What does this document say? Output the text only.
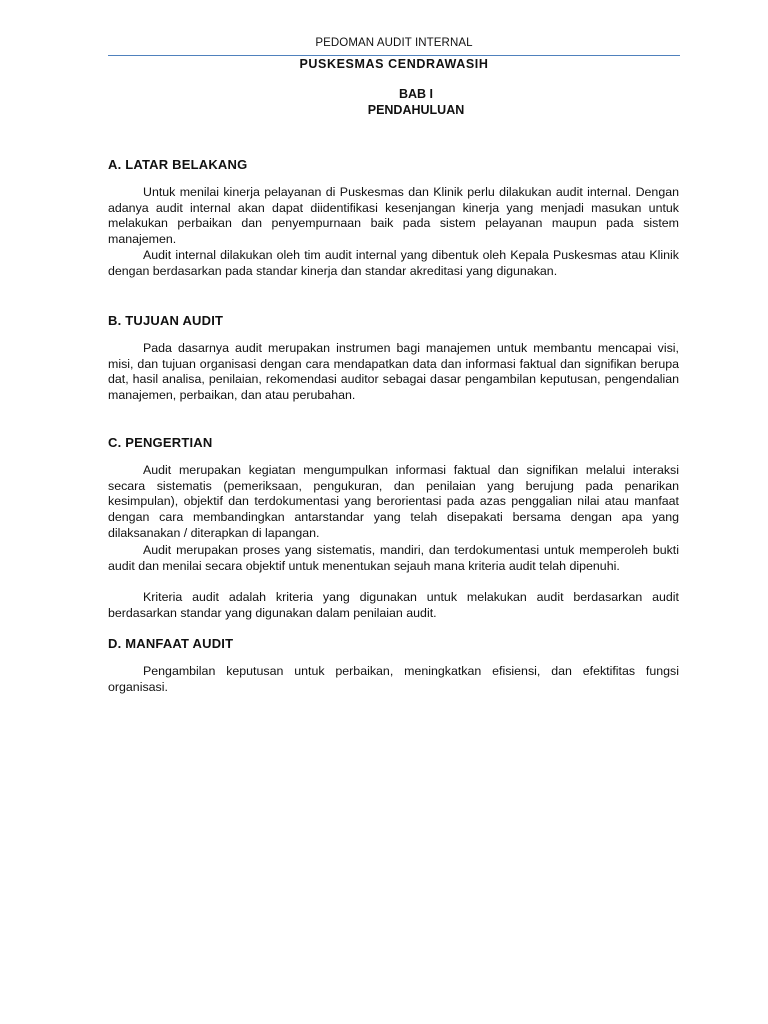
PEDOMAN AUDIT INTERNAL
PUSKESMAS CENDRAWASIH
BAB I
PENDAHULUAN
A. LATAR BELAKANG

Untuk menilai kinerja pelayanan di Puskesmas dan Klinik perlu dilakukan audit internal. Dengan adanya audit internal akan dapat diidentifikasi kesenjangan kinerja yang menjadi masukan untuk melakukan perbaikan dan penyempurnaan baik pada sistem pelayanan maupun pada sistem manajemen.

Audit internal dilakukan oleh tim audit internal yang dibentuk oleh Kepala Puskesmas atau Klinik dengan berdasarkan pada standar kinerja dan standar akreditasi yang digunakan.

B. TUJUAN AUDIT

Pada dasarnya audit merupakan instrumen bagi manajemen untuk membantu mencapai visi, misi, dan tujuan organisasi dengan cara mendapatkan data dan informasi faktual dan signifikan berupa dat, hasil analisa, penilaian, rekomendasi auditor sebagai dasar pengambilan keputusan, pengendalian manajemen, perbaikan, dan atau perubahan.

C. PENGERTIAN

Audit merupakan kegiatan mengumpulkan informasi faktual dan signifikan melalui interaksi secara sistematis (pemeriksaan, pengukuran, dan penilaian yang berujung pada penarikan kesimpulan), objektif dan terdokumentasi yang berorientasi pada azas penggalian nilai atau manfaat dengan cara membandingkan antarstandar yang telah disepakati bersama dengan apa yang dilaksanakan / diterapkan di lapangan.

Audit merupakan proses yang sistematis, mandiri, dan terdokumentasi untuk memperoleh bukti audit dan menilai secara objektif untuk menentukan sejauh mana kriteria audit telah dipenuhi.

Kriteria audit adalah kriteria yang digunakan untuk melakukan audit berdasarkan audit berdasarkan standar yang digunakan dalam penilaian audit.

D. MANFAAT AUDIT

Pengambilan keputusan untuk perbaikan, meningkatkan efisiensi, dan efektifitas fungsi organisasi.
